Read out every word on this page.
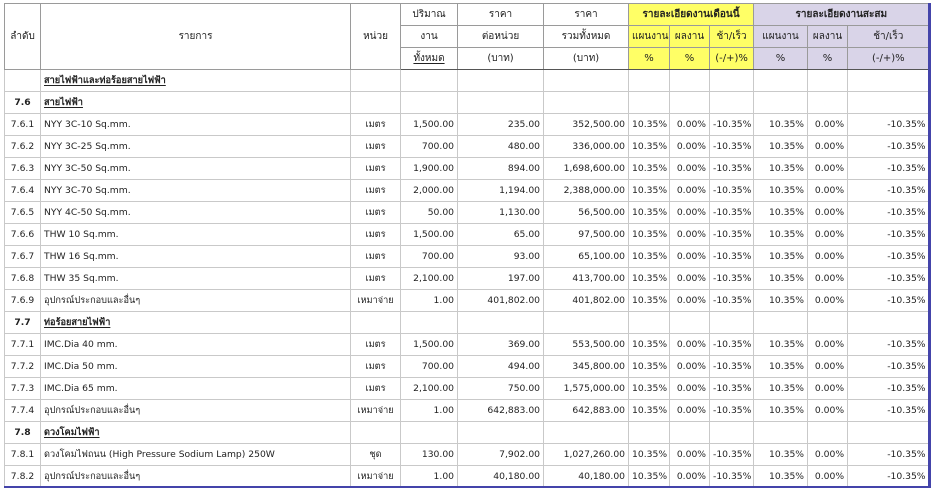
ลำดับ	รายการ	หน่วย	ปริมาณ	ราคา	ราคา	รายละเอียดงานเดือนนี้			รายละเอียดงานสะสม		
			งาน	ต่อหน่วย	รวมทั้งหมด	แผนงาน	ผลงาน	ช้า/เร็ว	แผนงาน	ผลงาน	ช้า/เร็ว
			ทั้งหมด	(บาท)	(บาท)	%	%	(-/+)%	%	%	(-/+)%
	สายไฟฟ้าและท่อร้อยสายไฟฟ้า										
7.6	สายไฟฟ้า										
7.6.1	NYY 3C-10 Sq.mm.	เมตร	1,500.00	235.00	352,500.00	10.35%	0.00%	-10.35%	10.35%	0.00%	-10.35%
7.6.2	NYY 3C-25 Sq.mm.	เมตร	700.00	480.00	336,000.00	10.35%	0.00%	-10.35%	10.35%	0.00%	-10.35%
7.6.3	NYY 3C-50 Sq.mm.	เมตร	1,900.00	894.00	1,698,600.00	10.35%	0.00%	-10.35%	10.35%	0.00%	-10.35%
7.6.4	NYY 3C-70 Sq.mm.	เมตร	2,000.00	1,194.00	2,388,000.00	10.35%	0.00%	-10.35%	10.35%	0.00%	-10.35%
7.6.5	NYY 4C-50 Sq.mm.	เมตร	50.00	1,130.00	56,500.00	10.35%	0.00%	-10.35%	10.35%	0.00%	-10.35%
7.6.6	THW 10 Sq.mm.	เมตร	1,500.00	65.00	97,500.00	10.35%	0.00%	-10.35%	10.35%	0.00%	-10.35%
7.6.7	THW 16 Sq.mm.	เมตร	700.00	93.00	65,100.00	10.35%	0.00%	-10.35%	10.35%	0.00%	-10.35%
7.6.8	THW 35 Sq.mm.	เมตร	2,100.00	197.00	413,700.00	10.35%	0.00%	-10.35%	10.35%	0.00%	-10.35%
7.6.9	อุปกรณ์ประกอบและอื่นๆ	เหมาจ่าย	1.00	401,802.00	401,802.00	10.35%	0.00%	-10.35%	10.35%	0.00%	-10.35%
7.7	ท่อร้อยสายไฟฟ้า										
7.7.1	IMC.Dia 40 mm.	เมตร	1,500.00	369.00	553,500.00	10.35%	0.00%	-10.35%	10.35%	0.00%	-10.35%
7.7.2	IMC.Dia 50 mm.	เมตร	700.00	494.00	345,800.00	10.35%	0.00%	-10.35%	10.35%	0.00%	-10.35%
7.7.3	IMC.Dia 65 mm.	เมตร	2,100.00	750.00	1,575,000.00	10.35%	0.00%	-10.35%	10.35%	0.00%	-10.35%
7.7.4	อุปกรณ์ประกอบและอื่นๆ	เหมาจ่าย	1.00	642,883.00	642,883.00	10.35%	0.00%	-10.35%	10.35%	0.00%	-10.35%
7.8	ดวงโคมไฟฟ้า										
7.8.1	ดวงโคมไฟถนน (High Pressure Sodium Lamp) 250W	ชุด	130.00	7,902.00	1,027,260.00	10.35%	0.00%	-10.35%	10.35%	0.00%	-10.35%
7.8.2	อุปกรณ์ประกอบและอื่นๆ	เหมาจ่าย	1.00	40,180.00	40,180.00	10.35%	0.00%	-10.35%	10.35%	0.00%	-10.35%
